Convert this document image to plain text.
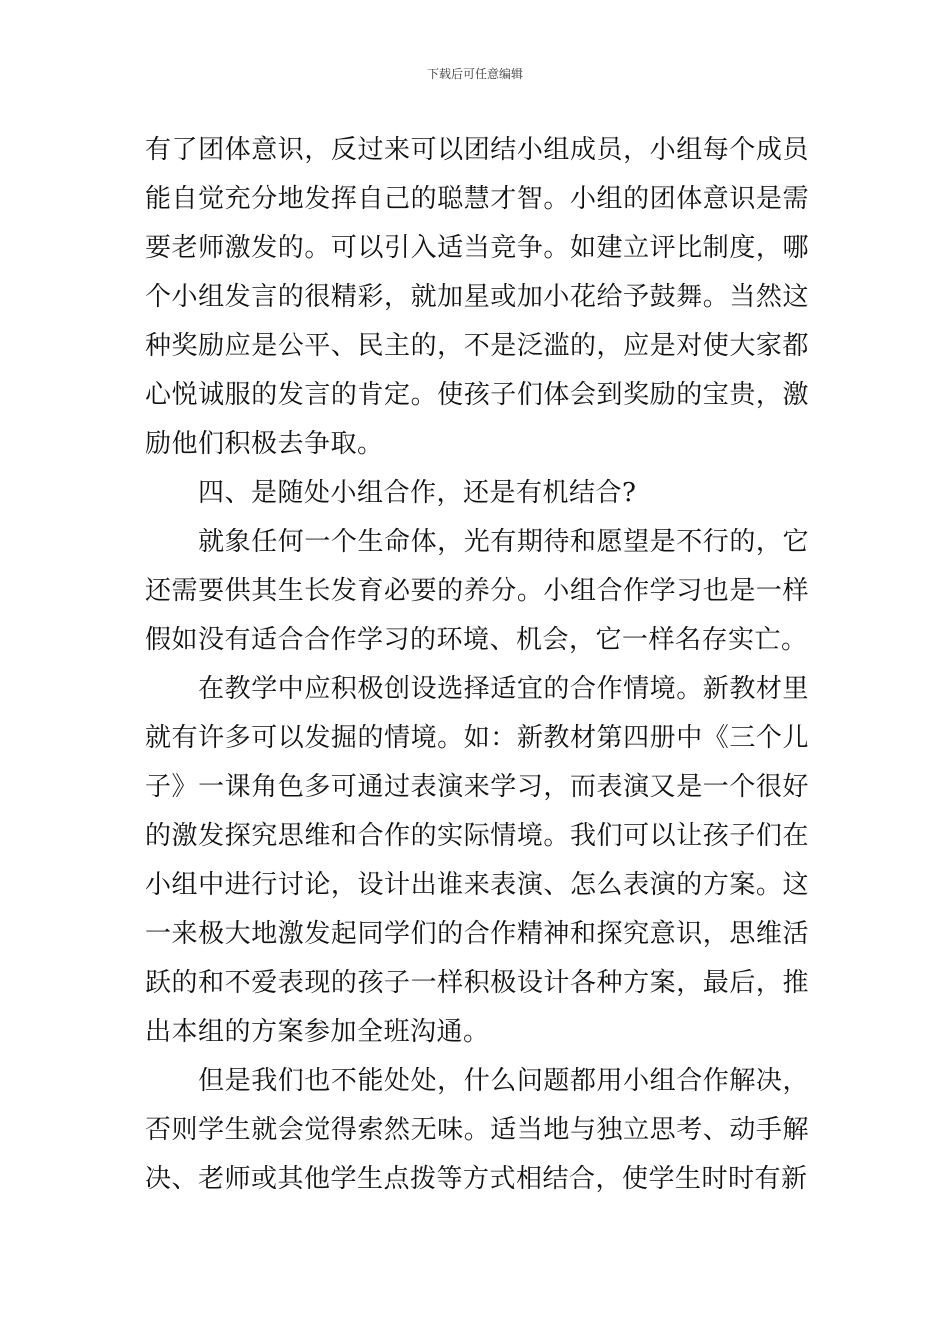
下载后可任意编辑

有了团体意识，反过来可以团结小组成员，小组每个成员能自觉充分地发挥自己的聪慧才智。小组的团体意识是需要老师激发的。可以引入适当竞争。如建立评比制度，哪个小组发言的很精彩，就加星或加小花给予鼓舞。当然这种奖励应是公平、民主的，不是泛滥的，应是对使大家都心悦诚服的发言的肯定。使孩子们体会到奖励的宝贵，激励他们积极去争取。

　　四、是随处小组合作，还是有机结合?

　　就象任何一个生命体，光有期待和愿望是不行的，它还需要供其生长发育必要的养分。小组合作学习也是一样假如没有适合合作学习的环境、机会，它一样名存实亡。

　　在教学中应积极创设选择适宜的合作情境。新教材里就有许多可以发掘的情境。如：新教材第四册中《三个儿子》一课角色多可通过表演来学习，而表演又是一个很好的激发探究思维和合作的实际情境。我们可以让孩子们在小组中进行讨论，设计出谁来表演、怎么表演的方案。这一来极大地激发起同学们的合作精神和探究意识，思维活跃的和不爱表现的孩子一样积极设计各种方案，最后，推出本组的方案参加全班沟通。

　　但是我们也不能处处，什么问题都用小组合作解决，否则学生就会觉得索然无味。适当地与独立思考、动手解决、老师或其他学生点拨等方式相结合，使学生时时有新
